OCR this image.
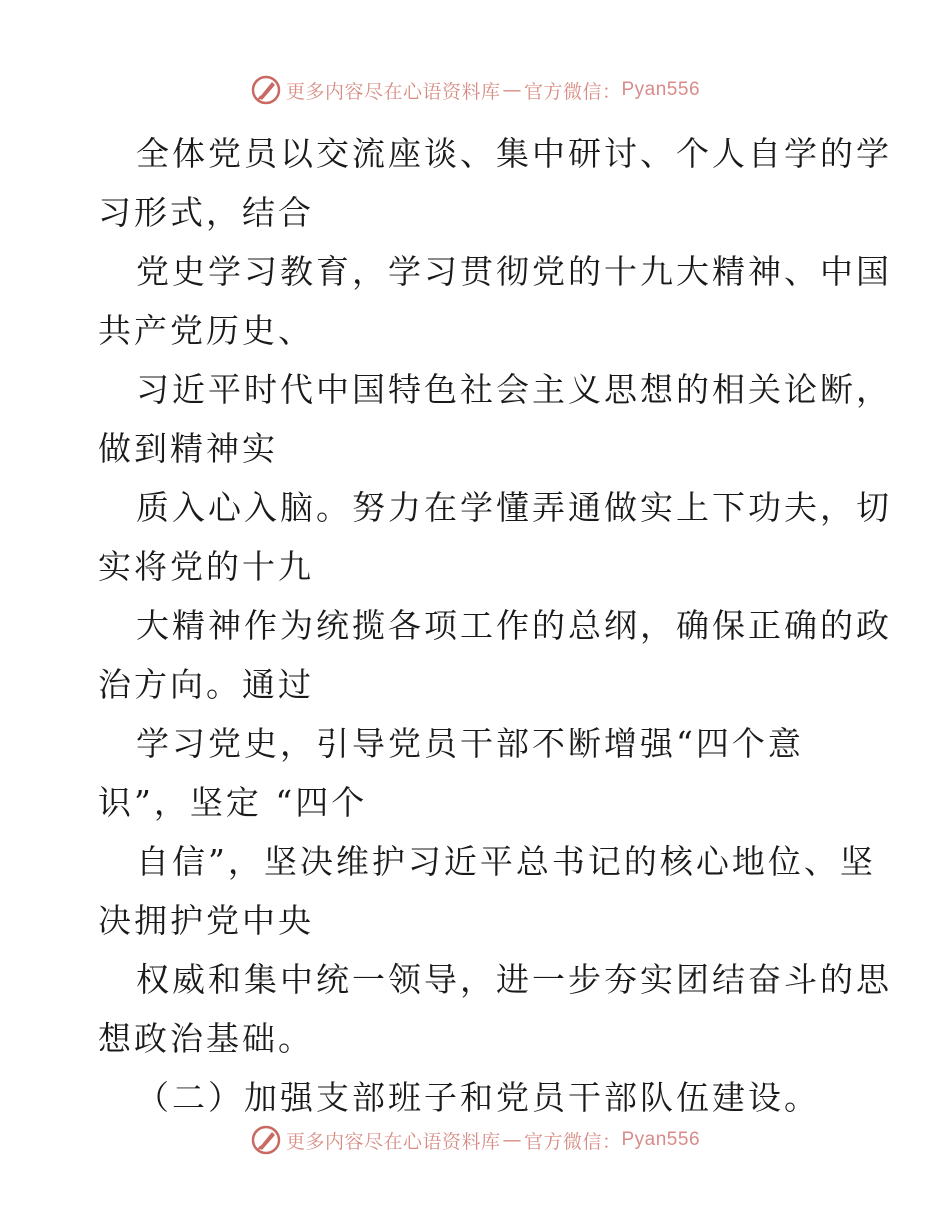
更多内容尽在心语资料库 — 官方微信： Pyan556
全体党员以交流座谈、集中研讨、个人自学的学
习形式，结合
党史学习教育，学习贯彻党的十九大精神、中国
共产党历史、
习近平时代中国特色社会主义思想的相关论断，
做到精神实
质入心入脑。努力在学懂弄通做实上下功夫，切
实将党的十九
大精神作为统揽各项工作的总纲，确保正确的政
治方向。通过
学习党史，引导党员干部不断增强“四个意
识”，坚定 “四个
自信”，坚决维护习近平总书记的核心地位、坚
决拥护党中央
权威和集中统一领导，进一步夯实团结奋斗的思
想政治基础。
（二）加强支部班子和党员干部队伍建设。
更多内容尽在心语资料库 — 官方微信： Pyan556
